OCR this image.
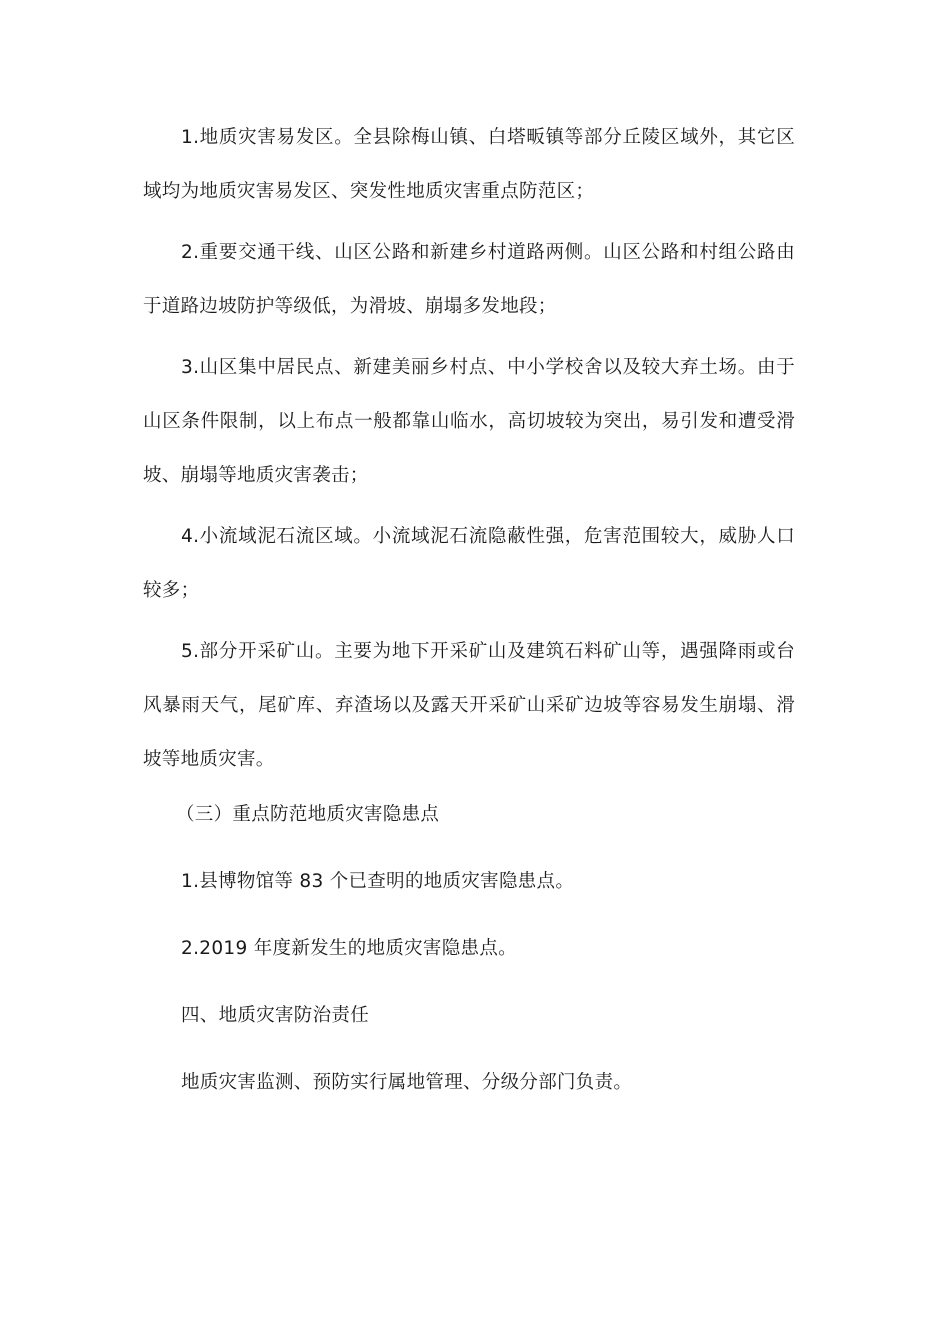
1.地质灾害易发区。全县除梅山镇、白塔畈镇等部分丘陵区域外，其它区域均为地质灾害易发区、突发性地质灾害重点防范区；

2.重要交通干线、山区公路和新建乡村道路两侧。山区公路和村组公路由于道路边坡防护等级低，为滑坡、崩塌多发地段；

3.山区集中居民点、新建美丽乡村点、中小学校舍以及较大弃土场。由于山区条件限制，以上布点一般都靠山临水，高切坡较为突出，易引发和遭受滑坡、崩塌等地质灾害袭击；

4.小流域泥石流区域。小流域泥石流隐蔽性强，危害范围较大，威胁人口较多；

5.部分开采矿山。主要为地下开采矿山及建筑石料矿山等，遇强降雨或台风暴雨天气，尾矿库、弃渣场以及露天开采矿山采矿边坡等容易发生崩塌、滑坡等地质灾害。

（三）重点防范地质灾害隐患点

1.县博物馆等 83 个已查明的地质灾害隐患点。

2.2019 年度新发生的地质灾害隐患点。

四、地质灾害防治责任

地质灾害监测、预防实行属地管理、分级分部门负责。
